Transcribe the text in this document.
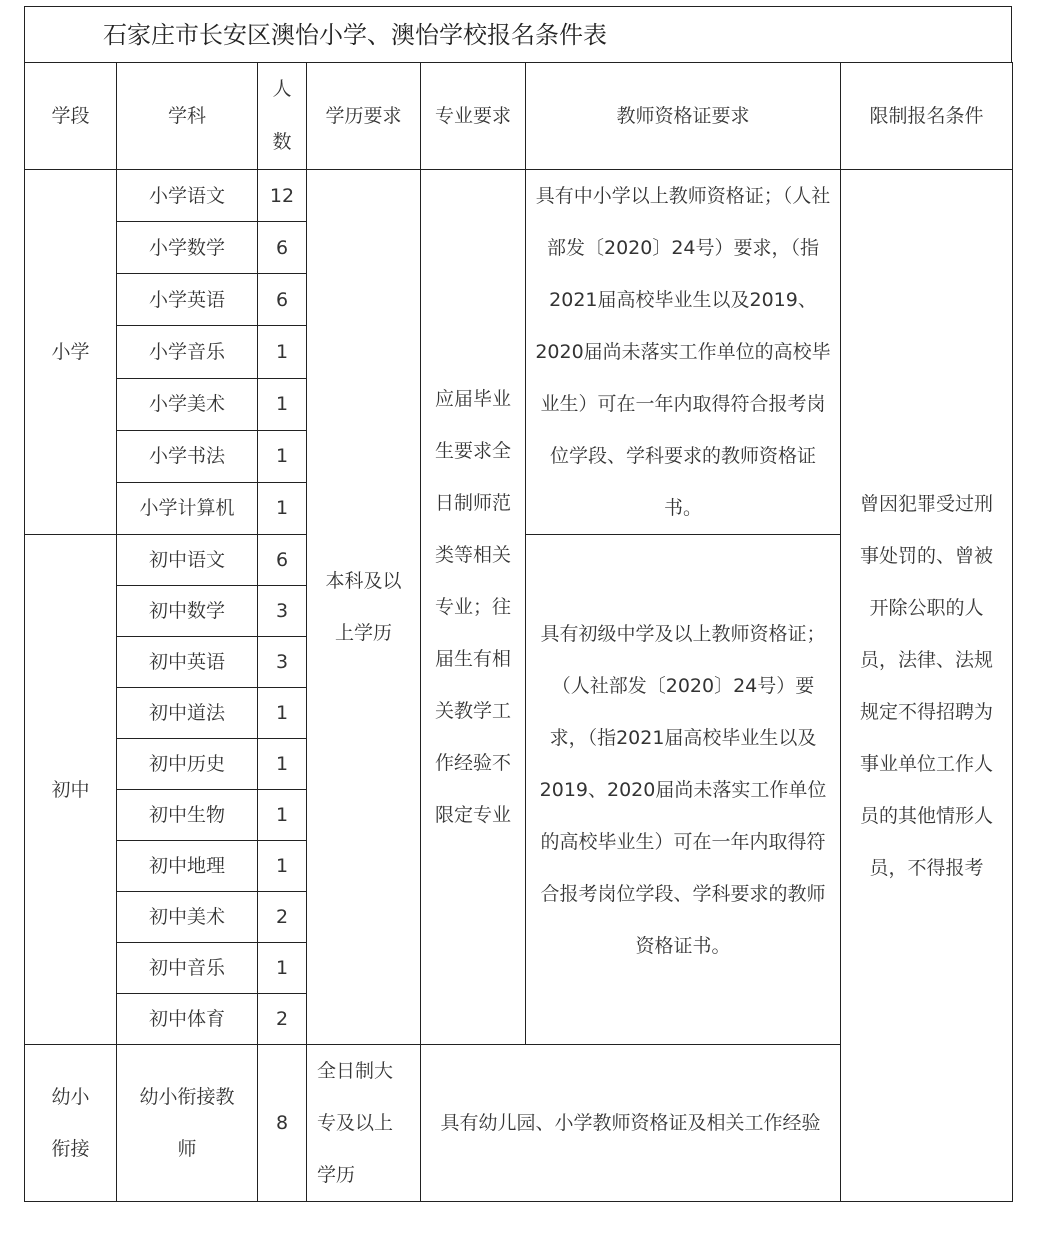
石家庄市长安区澳怡小学、澳怡学校报名条件表
学段	学科	人数	学历要求	专业要求	教师资格证要求	限制报名条件
小学	小学语文	12	本科及以上学历	应届毕业生要求全日制师范类等相关专业；往届生有相关教学工作经验不限定专业	具有中小学以上教师资格证；（人社部发〔2020〕24号）要求，（指2021届高校毕业生以及2019、2020届尚未落实工作单位的高校毕业生）可在一年内取得符合报考岗位学段、学科要求的教师资格证书。	曾因犯罪受过刑事处罚的、曾被开除公职的人员，法律、法规规定不得招聘为事业单位工作人员的其他情形人员，不得报考
	小学数学	6				
	小学英语	6				
	小学音乐	1				
	小学美术	1				
	小学书法	1				
	小学计算机	1				
初中	初中语文	6			具有初级中学及以上教师资格证；（人社部发〔2020〕24号）要求，（指2021届高校毕业生以及2019、2020届尚未落实工作单位的高校毕业生）可在一年内取得符合报考岗位学段、学科要求的教师资格证书。	
	初中数学	3				
	初中英语	3				
	初中道法	1				
	初中历史	1				
	初中生物	1				
	初中地理	1				
	初中美术	2				
	初中音乐	1				
	初中体育	2				
幼小衔接	幼小衔接教师	8	全日制大专及以上学历	具有幼儿园、小学教师资格证及相关工作经验		
